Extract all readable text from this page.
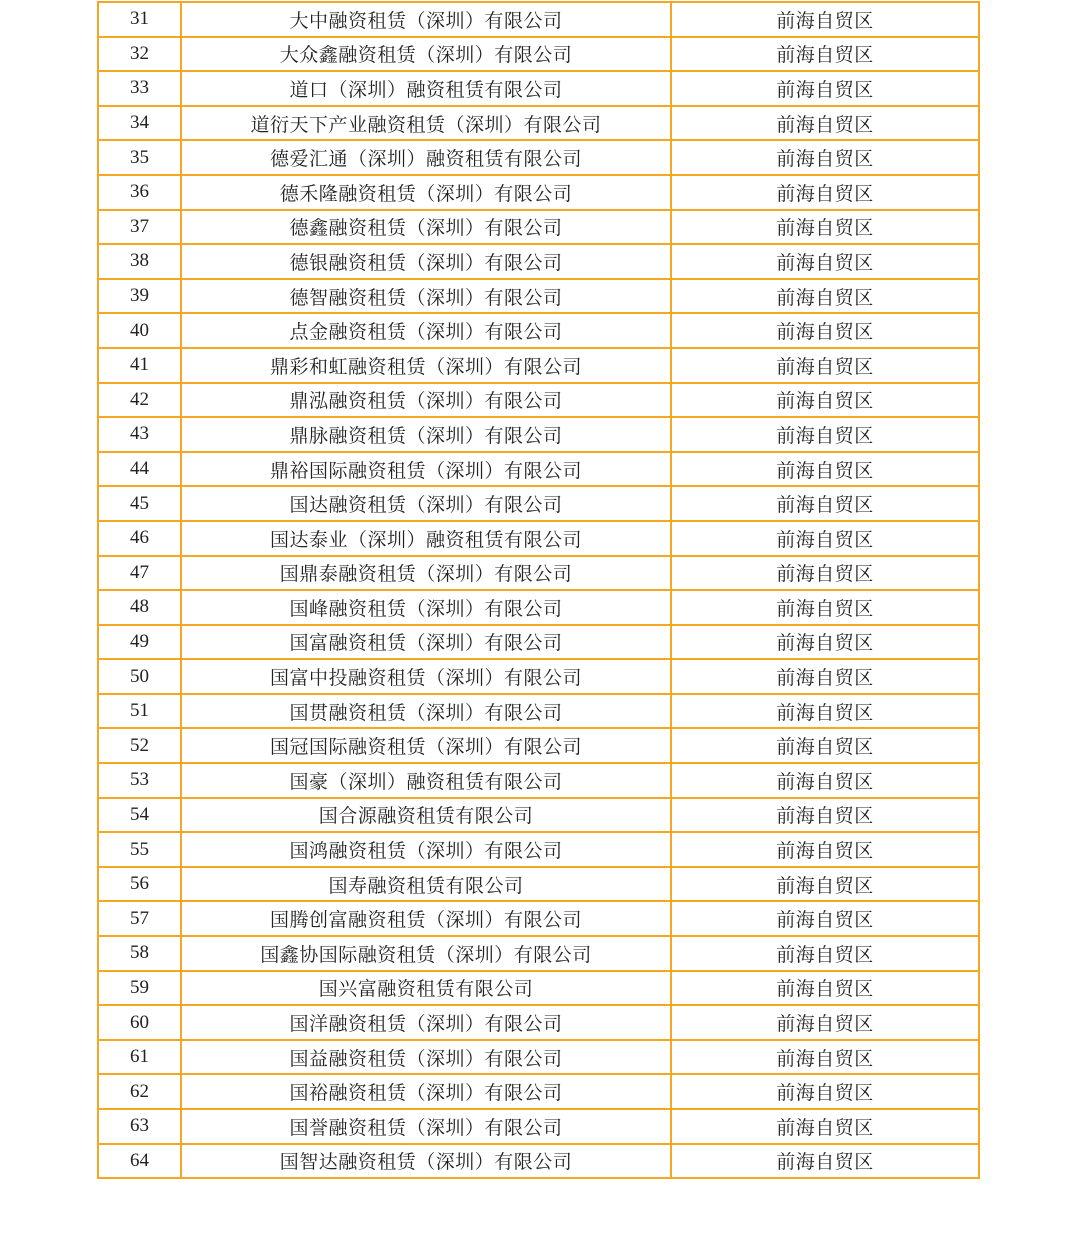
31	大中融资租赁（深圳）有限公司	前海自贸区
32	大众鑫融资租赁（深圳）有限公司	前海自贸区
33	道口（深圳）融资租赁有限公司	前海自贸区
34	道衍天下产业融资租赁（深圳）有限公司	前海自贸区
35	德爱汇通（深圳）融资租赁有限公司	前海自贸区
36	德禾隆融资租赁（深圳）有限公司	前海自贸区
37	德鑫融资租赁（深圳）有限公司	前海自贸区
38	德银融资租赁（深圳）有限公司	前海自贸区
39	德智融资租赁（深圳）有限公司	前海自贸区
40	点金融资租赁（深圳）有限公司	前海自贸区
41	鼎彩和虹融资租赁（深圳）有限公司	前海自贸区
42	鼎泓融资租赁（深圳）有限公司	前海自贸区
43	鼎脉融资租赁（深圳）有限公司	前海自贸区
44	鼎裕国际融资租赁（深圳）有限公司	前海自贸区
45	国达融资租赁（深圳）有限公司	前海自贸区
46	国达泰业（深圳）融资租赁有限公司	前海自贸区
47	国鼎泰融资租赁（深圳）有限公司	前海自贸区
48	国峰融资租赁（深圳）有限公司	前海自贸区
49	国富融资租赁（深圳）有限公司	前海自贸区
50	国富中投融资租赁（深圳）有限公司	前海自贸区
51	国贯融资租赁（深圳）有限公司	前海自贸区
52	国冠国际融资租赁（深圳）有限公司	前海自贸区
53	国豪（深圳）融资租赁有限公司	前海自贸区
54	国合源融资租赁有限公司	前海自贸区
55	国鸿融资租赁（深圳）有限公司	前海自贸区
56	国寿融资租赁有限公司	前海自贸区
57	国腾创富融资租赁（深圳）有限公司	前海自贸区
58	国鑫协国际融资租赁（深圳）有限公司	前海自贸区
59	国兴富融资租赁有限公司	前海自贸区
60	国洋融资租赁（深圳）有限公司	前海自贸区
61	国益融资租赁（深圳）有限公司	前海自贸区
62	国裕融资租赁（深圳）有限公司	前海自贸区
63	国誉融资租赁（深圳）有限公司	前海自贸区
64	国智达融资租赁（深圳）有限公司	前海自贸区
